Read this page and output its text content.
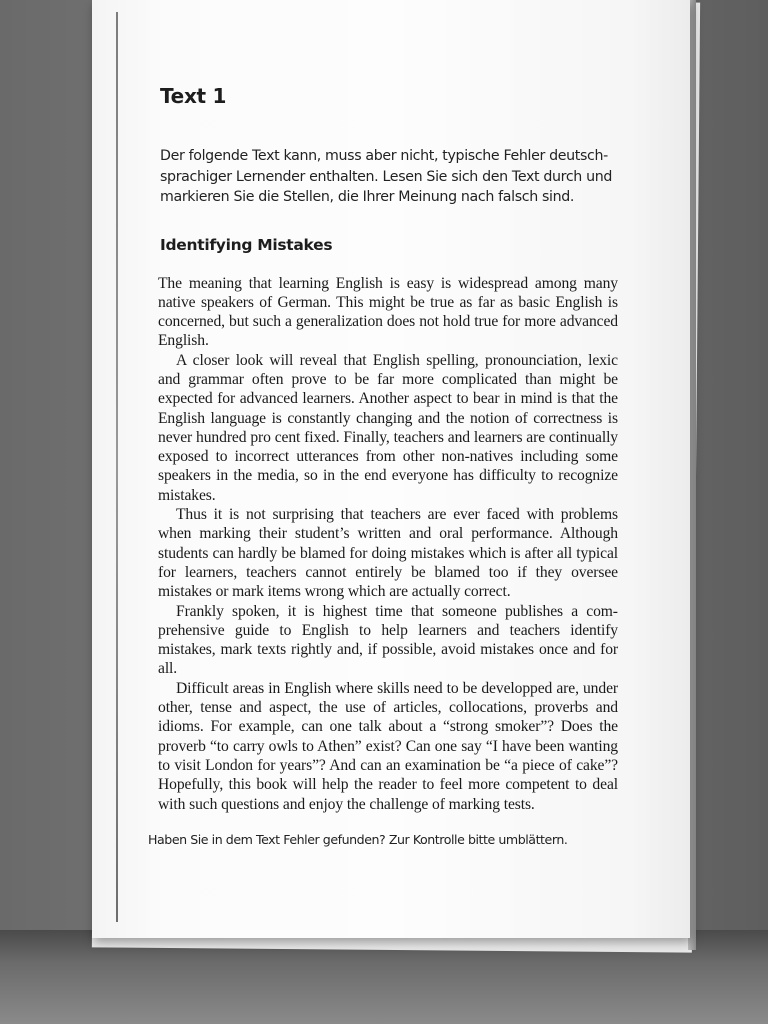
Text 1

Der folgende Text kann, muss aber nicht, typische Fehler deutschsprachiger Lernender enthalten. Lesen Sie sich den Text durch und markieren Sie die Stellen, die Ihrer Meinung nach falsch sind.

Identifying Mistakes

The meaning that learning English is easy is widespread among many native speakers of German. This might be true as far as basic English is concerned, but such a generalization does not hold true for more advanced English.

A closer look will reveal that English spelling, pronounciation, lexic and grammar often prove to be far more complicated than might be expected for advanced learners. Another aspect to bear in mind is that the English language is constantly changing and the notion of correctness is never hundred pro cent fixed. Finally, teachers and learners are continually exposed to incorrect utterances from other non-natives including some speakers in the media, so in the end everyone has difficulty to recognize mistakes.

Thus it is not surprising that teachers are ever faced with problems when marking their student’s written and oral performance. Although students can hardly be blamed for doing mistakes which is after all typical for learners, teachers cannot entirely be blamed too if they oversee mistakes or mark items wrong which are actually correct.

Frankly spoken, it is highest time that someone publishes a comprehensive guide to English to help learners and teachers identify mistakes, mark texts rightly and, if possible, avoid mistakes once and for all.

Difficult areas in English where skills need to be developped are, under other, tense and aspect, the use of articles, collocations, proverbs and idioms. For example, can one talk about a “strong smoker”? Does the proverb “to carry owls to Athen” exist? Can one say “I have been wanting to visit London for years”? And can an examination be “a piece of cake”? Hopefully, this book will help the reader to feel more competent to deal with such questions and enjoy the challenge of marking tests.

Haben Sie in dem Text Fehler gefunden? Zur Kontrolle bitte umblättern.
